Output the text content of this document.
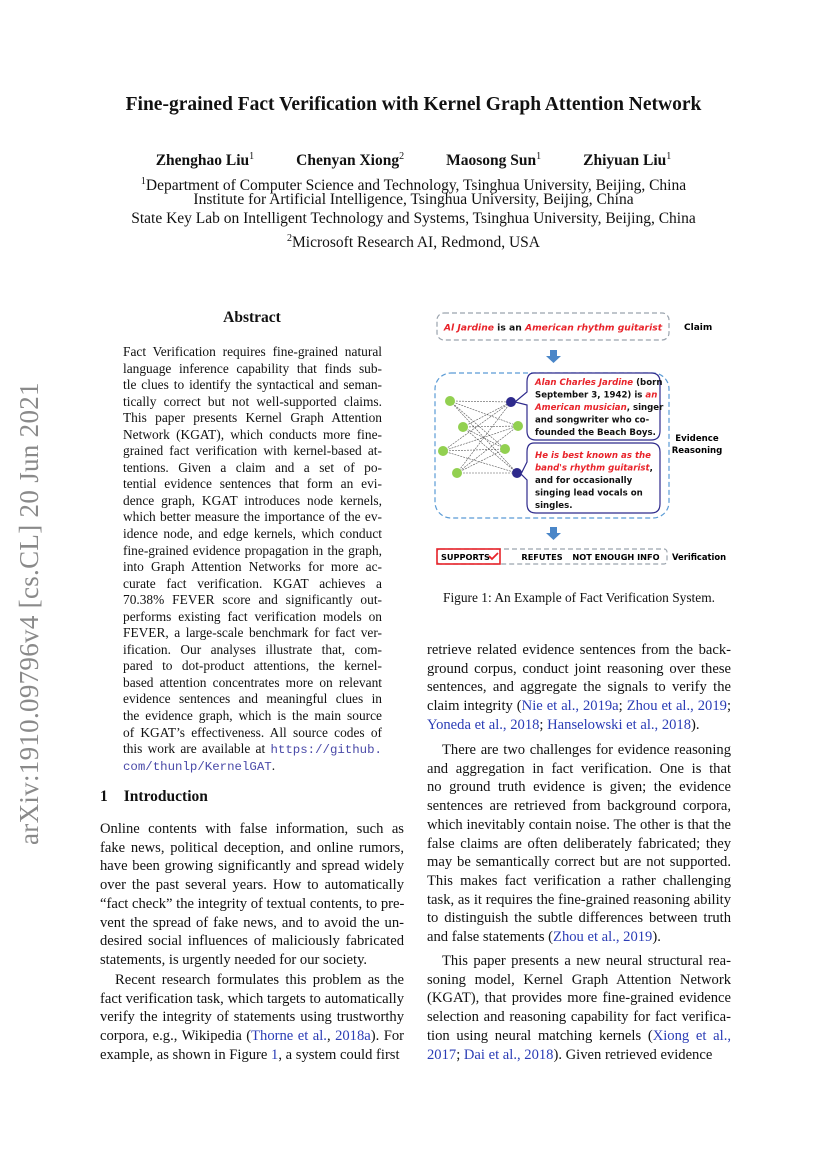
arXiv:1910.09796v4 [cs.CL] 20 Jun 2021
Fine-grained Fact Verification with Kernel Graph Attention Network
Zhenghao Liu$^1$	Chenyan Xiong$^2$	Maosong Sun$^1$	Zhiyuan Liu$^1$
$^1$Department of Computer Science and Technology, Tsinghua University, Beijing, China
Institute for Artificial Intelligence, Tsinghua University, Beijing, China
State Key Lab on Intelligent Technology and Systems, Tsinghua University, Beijing, China
$^2$Microsoft Research AI, Redmond, USA
Abstract
Fact Verification requires fine-grained natural
language inference capability that finds sub-
tle clues to identify the syntactical and seman-
tically correct but not well-supported claims.
This paper presents Kernel Graph Attention
Network (KGAT), which conducts more fine-
grained fact verification with kernel-based at-
tentions. Given a claim and a set of po-
tential evidence sentences that form an evi-
dence graph, KGAT introduces node kernels,
which better measure the importance of the ev-
idence node, and edge kernels, which conduct
fine-grained evidence propagation in the graph,
into Graph Attention Networks for more ac-
curate fact verification. KGAT achieves a
70.38% FEVER score and significantly out-
performs existing fact verification models on
FEVER, a large-scale benchmark for fact ver-
ification. Our analyses illustrate that, com-
pared to dot-product attentions, the kernel-
based attention concentrates more on relevant
evidence sentences and meaningful clues in
the evidence graph, which is the main source
of KGAT’s effectiveness. All source codes of
this work are available at https://github.
com/thunlp/KernelGAT.
1 Introduction
Online contents with false information, such as
fake news, political deception, and online rumors,
have been growing significantly and spread widely
over the past several years. How to automatically
“fact check” the integrity of textual contents, to pre-
vent the spread of fake news, and to avoid the un-
desired social influences of maliciously fabricated
statements, is urgently needed for our society.
Recent research formulates this problem as the
fact verification task, which targets to automatically
verify the integrity of statements using trustworthy
corpora, e.g., Wikipedia (Thorne et al., 2018a). For
example, as shown in Figure 1, a system could first
retrieve related evidence sentences from the back-
ground corpus, conduct joint reasoning over these
sentences, and aggregate the signals to verify the
claim integrity (Nie et al., 2019a; Zhou et al., 2019;
Yoneda et al., 2018; Hanselowski et al., 2018).
There are two challenges for evidence reasoning
and aggregation in fact verification. One is that
no ground truth evidence is given; the evidence
sentences are retrieved from background corpora,
which inevitably contain noise. The other is that the
false claims are often deliberately fabricated; they
may be semantically correct but are not supported.
This makes fact verification a rather challenging
task, as it requires the fine-grained reasoning ability
to distinguish the subtle differences between truth
and false statements (Zhou et al., 2019).
This paper presents a new neural structural rea-
soning model, Kernel Graph Attention Network
(KGAT), that provides more fine-grained evidence
selection and reasoning capability for fact verifica-
tion using neural matching kernels (Xiong et al.,
2017; Dai et al., 2018). Given retrieved evidence
Al Jardine is an American rhythm guitarist Claim
Alan Charles Jardine (born
September 3, 1942) is an
American musician, singer
and songwriter who co-
founded the Beach Boys.
He is best known as the
band's rhythm guitarist,
and for occasionally
singing lead vocals on
singles.
Evidence
Reasoning
SUPPORTS	REFUTES NOT ENOUGH INFO Verification
Figure 1: An Example of Fact Verification System.
